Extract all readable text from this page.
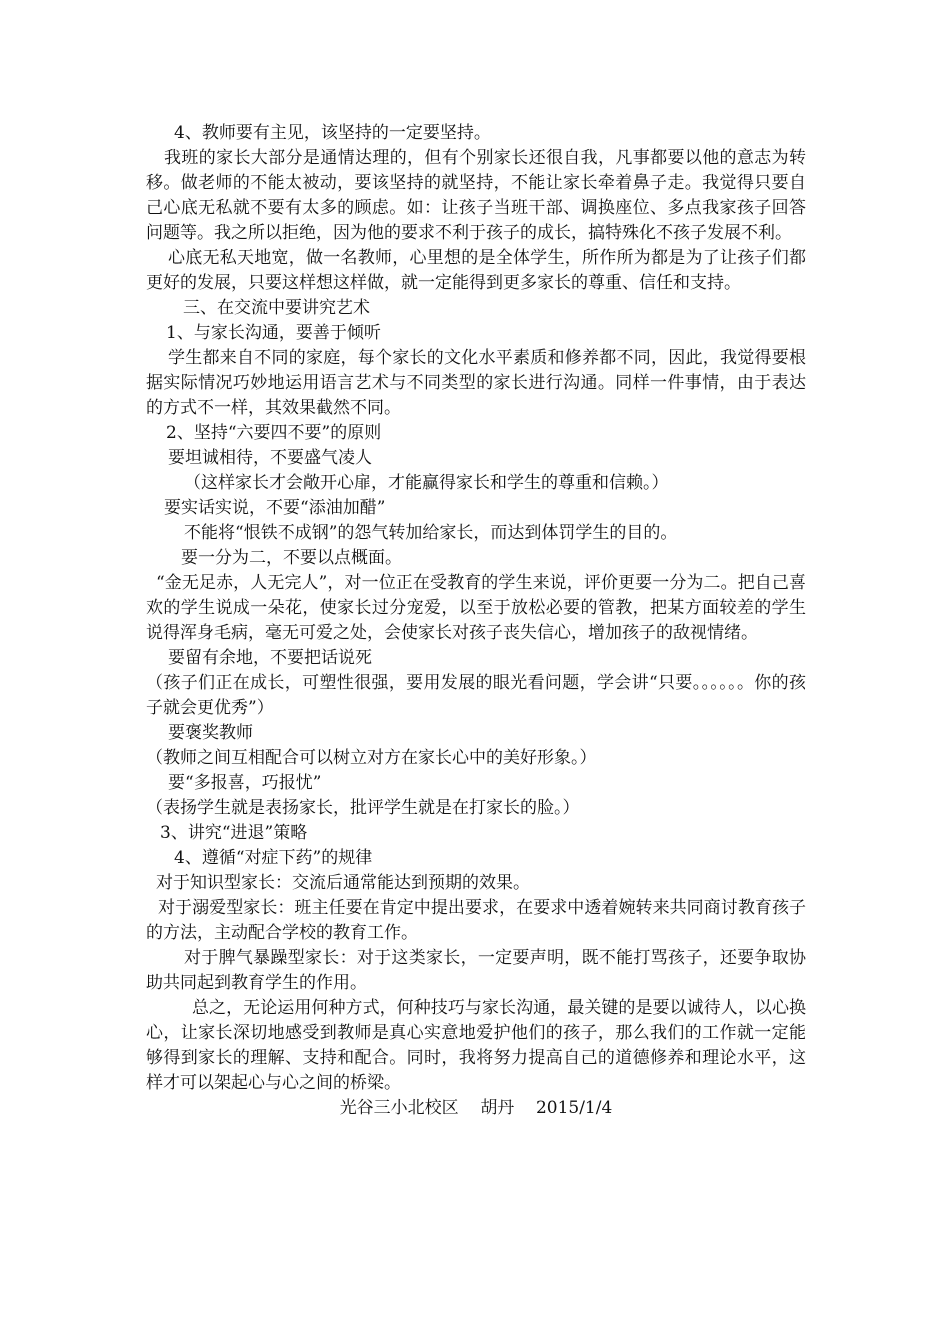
4、教师要有主见，该坚持的一定要坚持。

我班的家长大部分是通情达理的，但有个别家长还很自我，凡事都要以他的意志为转移。做老师的不能太被动，要该坚持的就坚持，不能让家长牵着鼻子走。我觉得只要自己心底无私就不要有太多的顾虑。如：让孩子当班干部、调换座位、多点我家孩子回答问题等。我之所以拒绝，因为他的要求不利于孩子的成长，搞特殊化不孩子发展不利。

心底无私天地宽，做一名教师，心里想的是全体学生，所作所为都是为了让孩子们都更好的发展，只要这样想这样做，就一定能得到更多家长的尊重、信任和支持。

三、在交流中要讲究艺术

1、与家长沟通，要善于倾听

学生都来自不同的家庭，每个家长的文化水平素质和修养都不同，因此，我觉得要根据实际情况巧妙地运用语言艺术与不同类型的家长进行沟通。同样一件事情，由于表达的方式不一样，其效果截然不同。

2、坚持“六要四不要”的原则

要坦诚相待，不要盛气凌人

（这样家长才会敞开心扉，才能赢得家长和学生的尊重和信赖。）

要实话实说，不要“添油加醋”

不能将“恨铁不成钢”的怨气转加给家长，而达到体罚学生的目的。

要一分为二，不要以点概面。

“金无足赤，人无完人”，对一位正在受教育的学生来说，评价更要一分为二。把自己喜欢的学生说成一朵花，使家长过分宠爱，以至于放松必要的管教，把某方面较差的学生说得浑身毛病，毫无可爱之处，会使家长对孩子丧失信心，增加孩子的敌视情绪。

要留有余地，不要把话说死

（孩子们正在成长，可塑性很强，要用发展的眼光看问题，学会讲“只要。。。。。。你的孩子就会更优秀”）

要褒奖教师

（教师之间互相配合可以树立对方在家长心中的美好形象。）

要“多报喜，巧报忧”

（表扬学生就是表扬家长，批评学生就是在打家长的脸。）

3、讲究“进退”策略

4、遵循“对症下药”的规律

对于知识型家长：交流后通常能达到预期的效果。

对于溺爱型家长：班主任要在肯定中提出要求，在要求中透着婉转来共同商讨教育孩子的方法，主动配合学校的教育工作。

对于脾气暴躁型家长：对于这类家长，一定要声明，既不能打骂孩子，还要争取协助共同起到教育学生的作用。

总之，无论运用何种方式，何种技巧与家长沟通，最关键的是要以诚待人，以心换心，让家长深切地感受到教师是真心实意地爱护他们的孩子，那么我们的工作就一定能够得到家长的理解、支持和配合。同时，我将努力提高自己的道德修养和理论水平，这样才可以架起心与心之间的桥梁。

光谷三小北校区 胡丹 2015/1/4
